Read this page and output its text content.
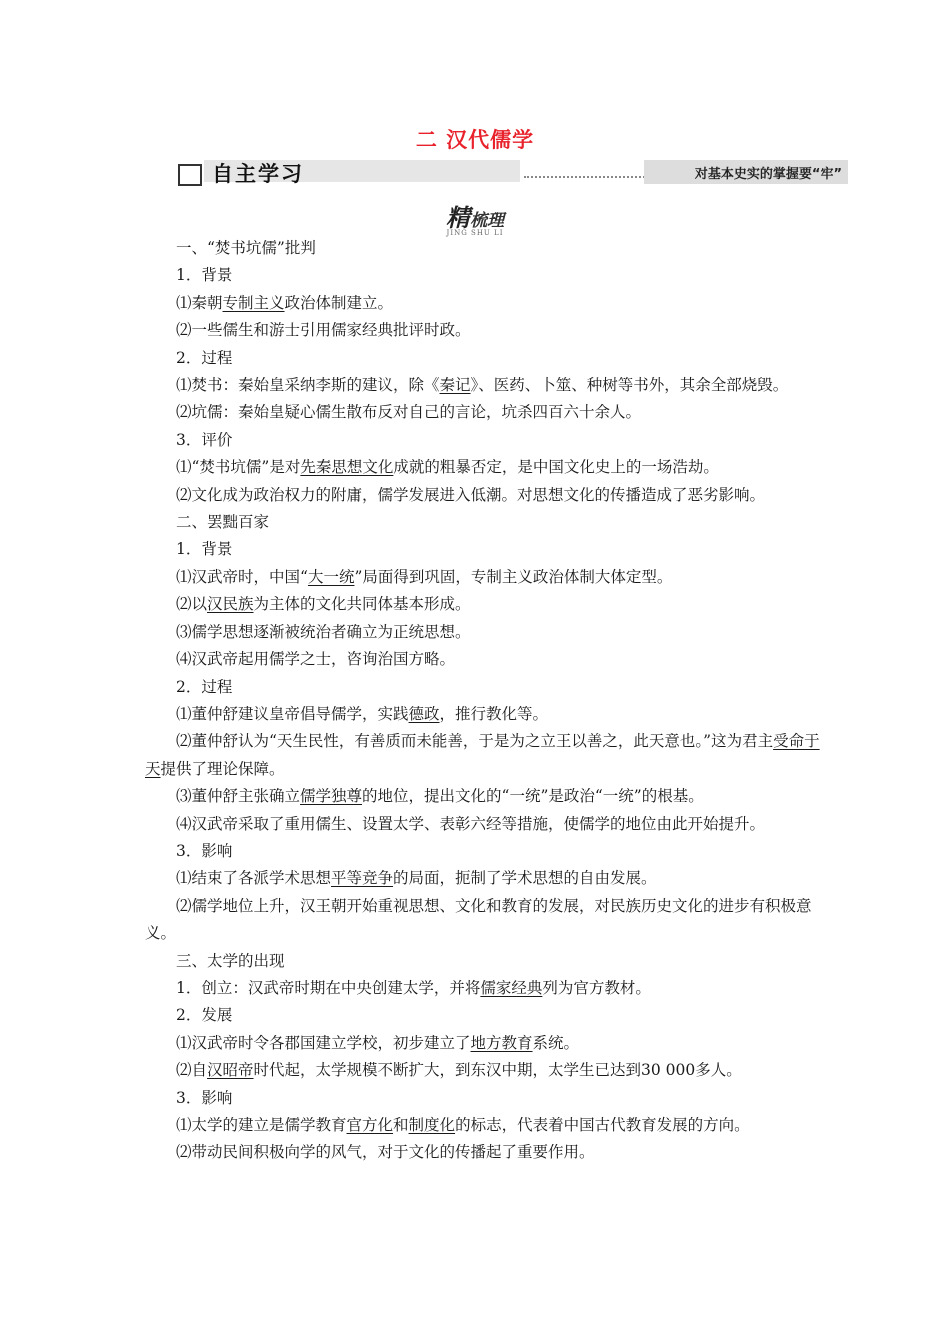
二 汉代儒学
自主学习	对基本史实的掌握要“牢”
精梳理
JING SHU LI

一、“焚书坑儒”批判

1．背景

⑴秦朝专制主义政治体制建立。

⑵一些儒生和游士引用儒家经典批评时政。

2．过程

⑴焚书：秦始皇采纳李斯的建议，除《秦记》、医药、卜筮、种树等书外，其余全部烧毁。

⑵坑儒：秦始皇疑心儒生散布反对自己的言论，坑杀四百六十余人。

3．评价

⑴“焚书坑儒”是对先秦思想文化成就的粗暴否定，是中国文化史上的一场浩劫。

⑵文化成为政治权力的附庸，儒学发展进入低潮。对思想文化的传播造成了恶劣影响。

二、罢黜百家

1．背景

⑴汉武帝时，中国“大一统”局面得到巩固，专制主义政治体制大体定型。

⑵以汉民族为主体的文化共同体基本形成。

⑶儒学思想逐渐被统治者确立为正统思想。

⑷汉武帝起用儒学之士，咨询治国方略。

2．过程

⑴董仲舒建议皇帝倡导儒学，实践德政，推行教化等。

⑵董仲舒认为“天生民性，有善质而未能善，于是为之立王以善之，此天意也。”这为君主受命于天提供了理论保障。

⑶董仲舒主张确立儒学独尊的地位，提出文化的“一统”是政治“一统”的根基。

⑷汉武帝采取了重用儒生、设置太学、表彰六经等措施，使儒学的地位由此开始提升。

3．影响

⑴结束了各派学术思想平等竞争的局面，扼制了学术思想的自由发展。

⑵儒学地位上升，汉王朝开始重视思想、文化和教育的发展，对民族历史文化的进步有积极意义。

三、太学的出现

1．创立：汉武帝时期在中央创建太学，并将儒家经典列为官方教材。

2．发展

⑴汉武帝时令各郡国建立学校，初步建立了地方教育系统。

⑵自汉昭帝时代起，太学规模不断扩大，到东汉中期，太学生已达到30 000多人。

3．影响

⑴太学的建立是儒学教育官方化和制度化的标志，代表着中国古代教育发展的方向。

⑵带动民间积极向学的风气，对于文化的传播起了重要作用。
